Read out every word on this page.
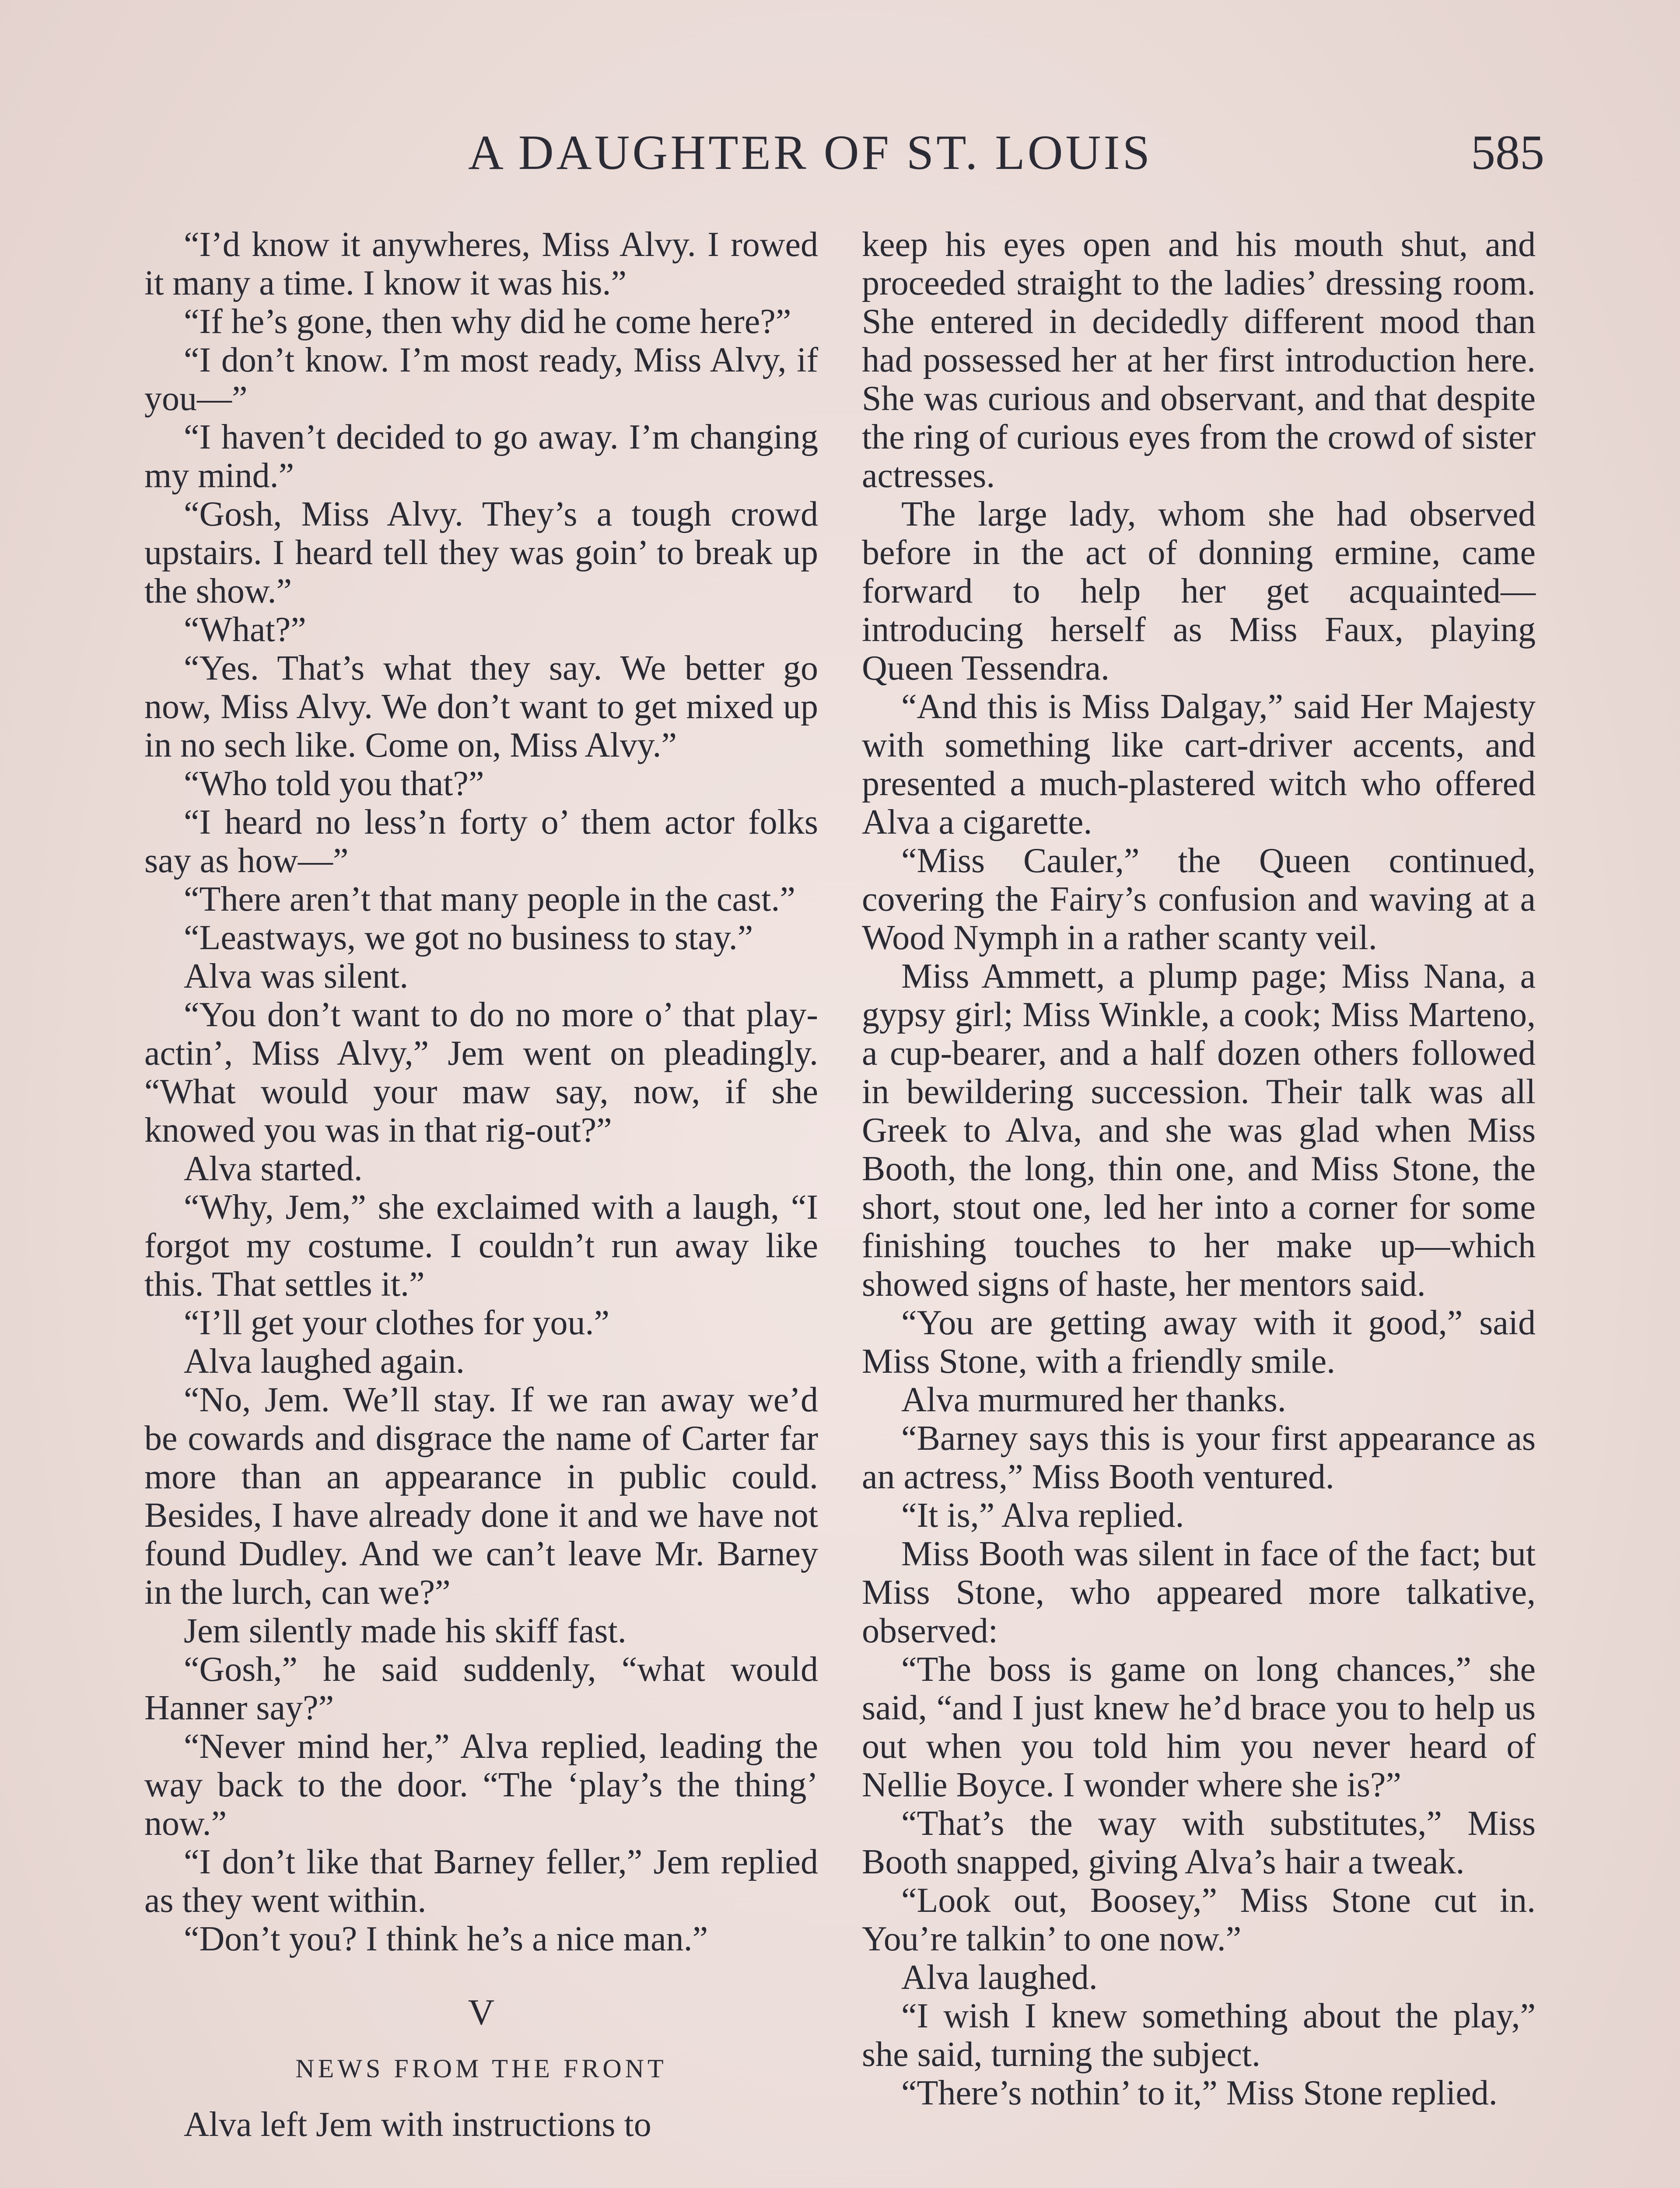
A DAUGHTER OF ST. LOUIS	585

“I’d know it anywheres, Miss Alvy. I rowed it many a time. I know it was his.”

“If he’s gone, then why did he come here?”

“I don’t know. I’m most ready, Miss Alvy, if you—”

“I haven’t decided to go away. I’m changing my mind.”

“Gosh, Miss Alvy. They’s a tough crowd upstairs. I heard tell they was goin’ to break up the show.”

“What?”

“Yes. That’s what they say. We better go now, Miss Alvy. We don’t want to get mixed up in no sech like. Come on, Miss Alvy.”

“Who told you that?”

“I heard no less’n forty o’ them actor folks say as how—”

“There aren’t that many people in the cast.”

“Leastways, we got no business to stay.”

Alva was silent.

“You don’t want to do no more o’ that play-actin’, Miss Alvy,” Jem went on pleadingly. “What would your maw say, now, if she knowed you was in that rig-out?”

Alva started.

“Why, Jem,” she exclaimed with a laugh, “I forgot my costume. I couldn’t run away like this. That settles it.”

“I’ll get your clothes for you.”

Alva laughed again.

“No, Jem. We’ll stay. If we ran away we’d be cowards and disgrace the name of Carter far more than an appearance in public could. Besides, I have already done it and we have not found Dudley. And we can’t leave Mr. Barney in the lurch, can we?”

Jem silently made his skiff fast.

“Gosh,” he said suddenly, “what would Hanner say?”

“Never mind her,” Alva replied, leading the way back to the door. “The ‘play’s the thing’ now.”

“I don’t like that Barney feller,” Jem replied as they went within.

“Don’t you? I think he’s a nice man.”

V

NEWS FROM THE FRONT

Alva left Jem with instructions to

keep his eyes open and his mouth shut, and proceeded straight to the ladies’ dressing room. She entered in decidedly different mood than had possessed her at her first introduction here. She was curious and observant, and that despite the ring of curious eyes from the crowd of sister actresses.

The large lady, whom she had observed before in the act of donning ermine, came forward to help her get acquainted—introducing herself as Miss Faux, playing Queen Tessendra.

“And this is Miss Dalgay,” said Her Majesty with something like cart-driver accents, and presented a much-plastered witch who offered Alva a cigarette.

“Miss Cauler,” the Queen continued, covering the Fairy’s confusion and waving at a Wood Nymph in a rather scanty veil.

Miss Ammett, a plump page; Miss Nana, a gypsy girl; Miss Winkle, a cook; Miss Marteno, a cup-bearer, and a half dozen others followed in bewildering succession. Their talk was all Greek to Alva, and she was glad when Miss Booth, the long, thin one, and Miss Stone, the short, stout one, led her into a corner for some finishing touches to her make up—which showed signs of haste, her mentors said.

“You are getting away with it good,” said Miss Stone, with a friendly smile.

Alva murmured her thanks.

“Barney says this is your first appearance as an actress,” Miss Booth ventured.

“It is,” Alva replied.

Miss Booth was silent in face of the fact; but Miss Stone, who appeared more talkative, observed:

“The boss is game on long chances,” she said, “and I just knew he’d brace you to help us out when you told him you never heard of Nellie Boyce. I wonder where she is?”

“That’s the way with substitutes,” Miss Booth snapped, giving Alva’s hair a tweak.

“Look out, Boosey,” Miss Stone cut in. You’re talkin’ to one now.”

Alva laughed.

“I wish I knew something about the play,” she said, turning the subject.

“There’s nothin’ to it,” Miss Stone replied.
